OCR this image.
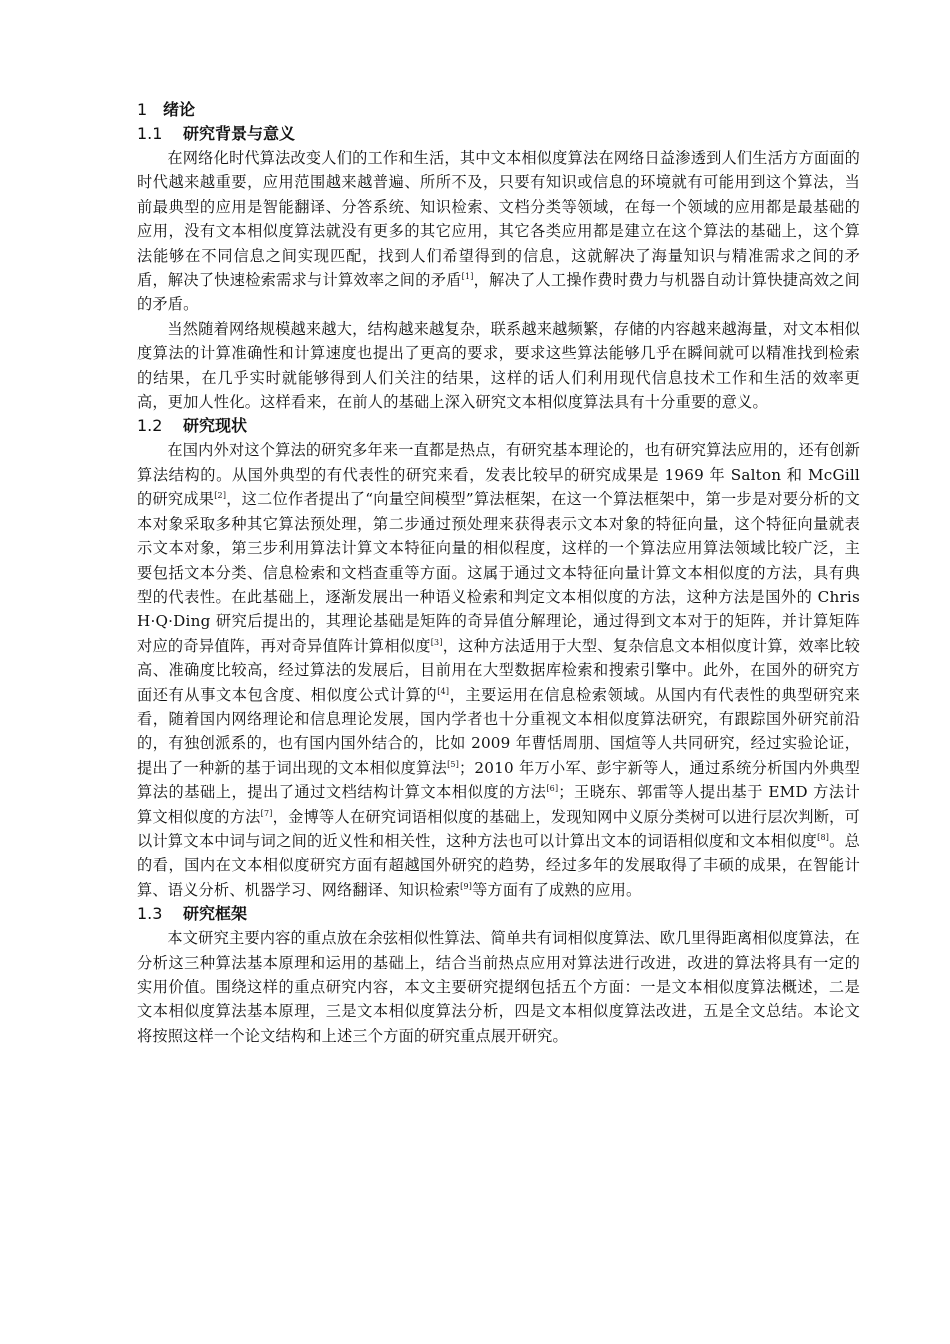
1 绪论
1.1 研究背景与意义

在网络化时代算法改变人们的工作和生活，其中文本相似度算法在网络日益渗透到人们生活方方面面的时代越来越重要，应用范围越来越普遍、所所不及，只要有知识或信息的环境就有可能用到这个算法，当前最典型的应用是智能翻译、分答系统、知识检索、文档分类等领域，在每一个领域的应用都是最基础的应用，没有文本相似度算法就没有更多的其它应用，其它各类应用都是建立在这个算法的基础上，这个算法能够在不同信息之间实现匹配，找到人们希望得到的信息，这就解决了海量知识与精准需求之间的矛盾，解决了快速检索需求与计算效率之间的矛盾[1]，解决了人工操作费时费力与机器自动计算快捷高效之间的矛盾。

当然随着网络规模越来越大，结构越来越复杂，联系越来越频繁，存储的内容越来越海量，对文本相似度算法的计算准确性和计算速度也提出了更高的要求，要求这些算法能够几乎在瞬间就可以精准找到检索的结果，在几乎实时就能够得到人们关注的结果，这样的话人们利用现代信息技术工作和生活的效率更高，更加人性化。这样看来，在前人的基础上深入研究文本相似度算法具有十分重要的意义。

1.2 研究现状

在国内外对这个算法的研究多年来一直都是热点，有研究基本理论的，也有研究算法应用的，还有创新算法结构的。从国外典型的有代表性的研究来看，发表比较早的研究成果是 1969 年 Salton 和 McGill 的研究成果[2]，这二位作者提出了“向量空间模型”算法框架，在这一个算法框架中，第一步是对要分析的文本对象采取多种其它算法预处理，第二步通过预处理来获得表示文本对象的特征向量，这个特征向量就表示文本对象，第三步利用算法计算文本特征向量的相似程度，这样的一个算法应用算法领域比较广泛，主要包括文本分类、信息检索和文档查重等方面。这属于通过文本特征向量计算文本相似度的方法，具有典型的代表性。在此基础上，逐渐发展出一种语义检索和判定文本相似度的方法，这种方法是国外的 Chris H·Q·Ding 研究后提出的，其理论基础是矩阵的奇异值分解理论，通过得到文本对于的矩阵，并计算矩阵对应的奇异值阵，再对奇异值阵计算相似度[3]，这种方法适用于大型、复杂信息文本相似度计算，效率比较高、准确度比较高，经过算法的发展后，目前用在大型数据库检索和搜索引擎中。此外，在国外的研究方面还有从事文本包含度、相似度公式计算的[4]，主要运用在信息检索领域。从国内有代表性的典型研究来看，随着国内网络理论和信息理论发展，国内学者也十分重视文本相似度算法研究，有跟踪国外研究前沿的，有独创派系的，也有国内国外结合的，比如 2009 年曹恬周朋、国煊等人共同研究，经过实验论证，提出了一种新的基于词出现的文本相似度算法[5]；2010 年万小军、彭宇新等人，通过系统分析国内外典型算法的基础上，提出了通过文档结构计算文本相似度的方法[6]；王晓东、郭雷等人提出基于 EMD 方法计算文相似度的方法[7]，金博等人在研究词语相似度的基础上，发现知网中义原分类树可以进行层次判断，可以计算文本中词与词之间的近义性和相关性，这种方法也可以计算出文本的词语相似度和文本相似度[8]。总的看，国内在文本相似度研究方面有超越国外研究的趋势，经过多年的发展取得了丰硕的成果，在智能计算、语义分析、机器学习、网络翻译、知识检索[9]等方面有了成熟的应用。

1.3 研究框架

本文研究主要内容的重点放在余弦相似性算法、简单共有词相似度算法、欧几里得距离相似度算法，在分析这三种算法基本原理和运用的基础上，结合当前热点应用对算法进行改进，改进的算法将具有一定的实用价值。围绕这样的重点研究内容，本文主要研究提纲包括五个方面：一是文本相似度算法概述，二是文本相似度算法基本原理，三是文本相似度算法分析，四是文本相似度算法改进，五是全文总结。本论文将按照这样一个论文结构和上述三个方面的研究重点展开研究。
